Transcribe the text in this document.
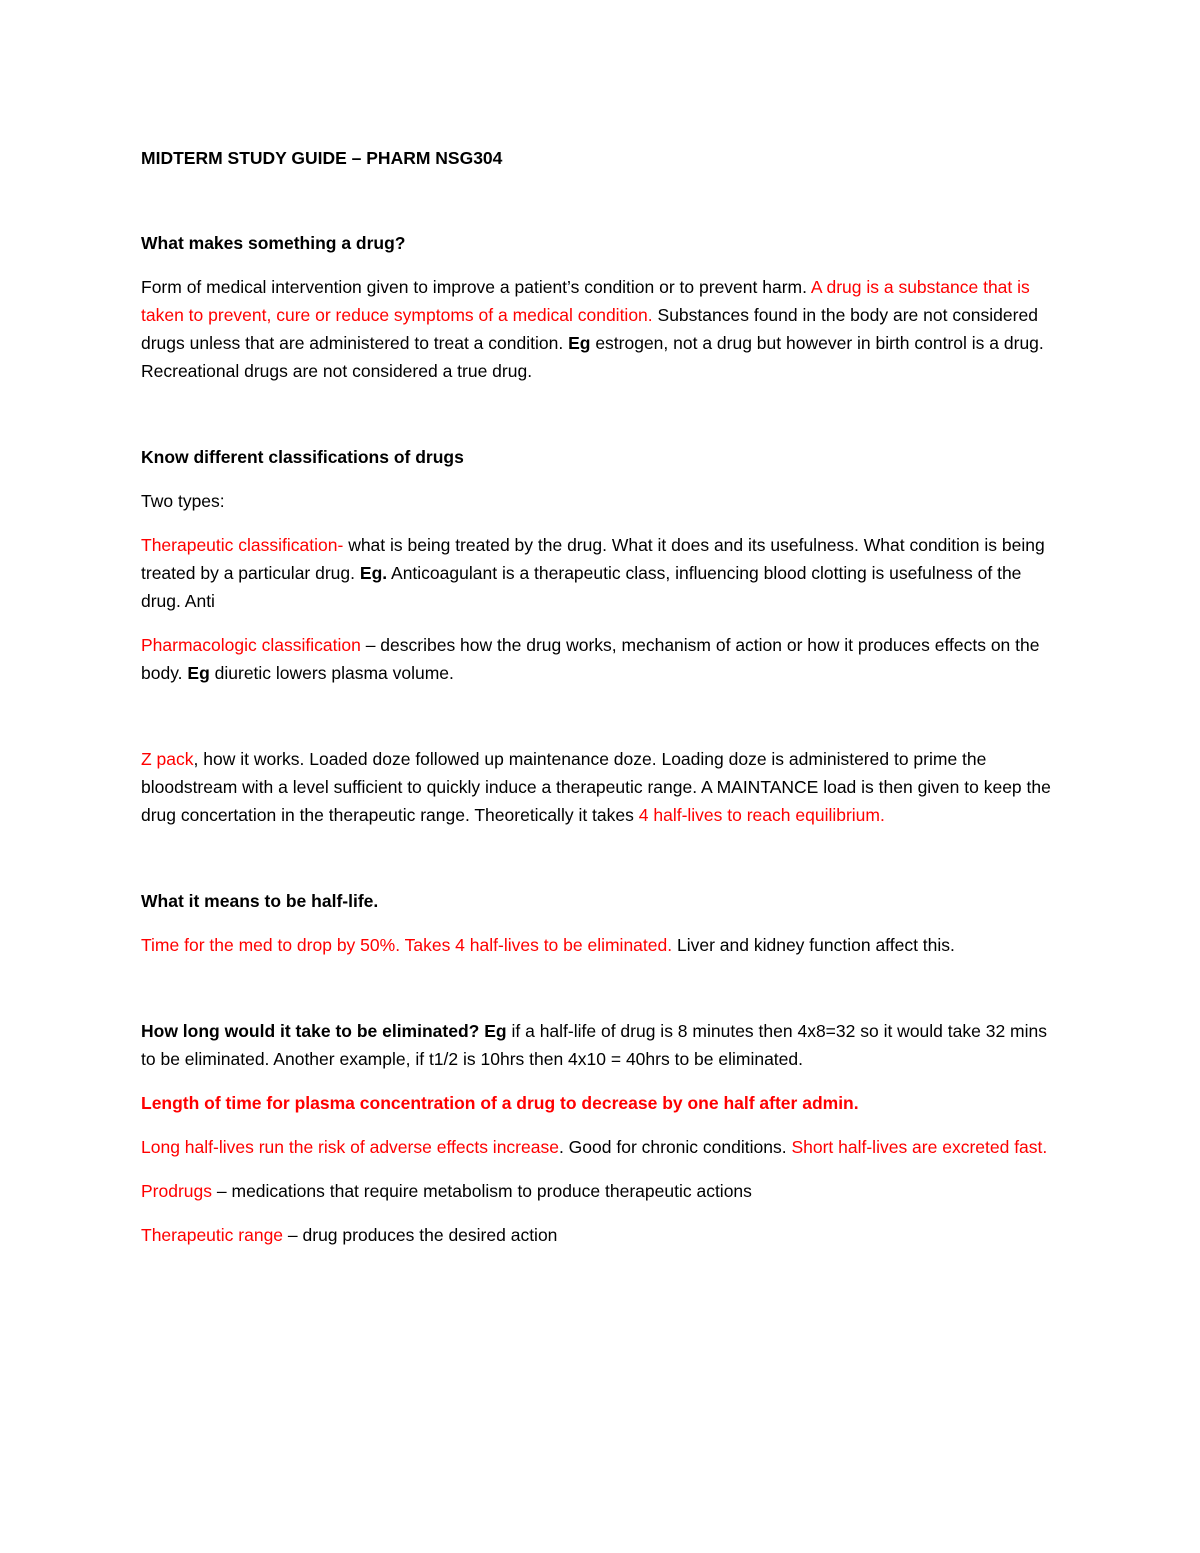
MIDTERM STUDY GUIDE – PHARM NSG304

What makes something a drug?

Form of medical intervention given to improve a patient’s condition or to prevent harm. A drug is a substance that is taken to prevent, cure or reduce symptoms of a medical condition. Substances found in the body are not considered drugs unless that are administered to treat a condition. Eg estrogen, not a drug but however in birth control is a drug. Recreational drugs are not considered a true drug.

Know different classifications of drugs

Two types:

Therapeutic classification- what is being treated by the drug. What it does and its usefulness. What condition is being treated by a particular drug. Eg. Anticoagulant is a therapeutic class, influencing blood clotting is usefulness of the drug. Anti

Pharmacologic classification – describes how the drug works, mechanism of action or how it produces effects on the body. Eg diuretic lowers plasma volume.

Z pack, how it works. Loaded doze followed up maintenance doze. Loading doze is administered to prime the bloodstream with a level sufficient to quickly induce a therapeutic range. A MAINTANCE load is then given to keep the drug concertation in the therapeutic range. Theoretically it takes 4 half-lives to reach equilibrium.

What it means to be half-life.

Time for the med to drop by 50%. Takes 4 half-lives to be eliminated. Liver and kidney function affect this.

How long would it take to be eliminated? Eg if a half-life of drug is 8 minutes then 4x8=32 so it would take 32 mins to be eliminated. Another example, if t1/2 is 10hrs then 4x10 = 40hrs to be eliminated.

Length of time for plasma concentration of a drug to decrease by one half after admin.

Long half-lives run the risk of adverse effects increase. Good for chronic conditions. Short half-lives are excreted fast.

Prodrugs – medications that require metabolism to produce therapeutic actions

Therapeutic range – drug produces the desired action
